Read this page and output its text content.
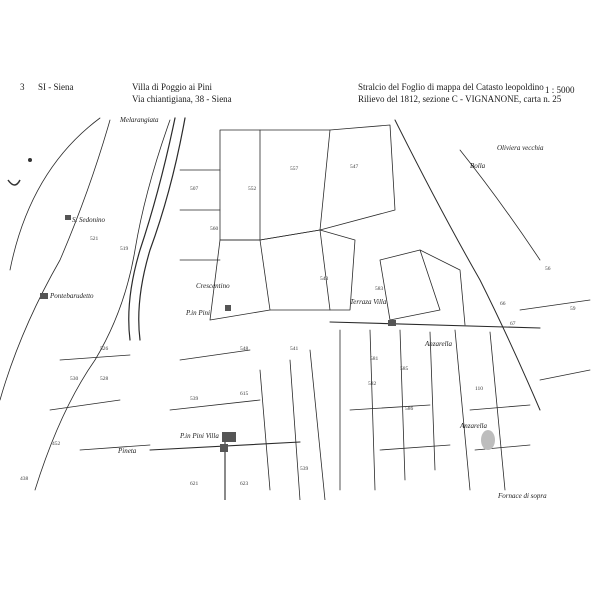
3 SI - Siena	Villa di Poggio ai Pini
Via chiantigiana, 38 - Siena
Stralcio del Foglio di mappa del Catasto leopoldino
Rilievo del 1812, sezione C - VIGNANONE, carta n. 25
1 : 5000
Melarangiata
Oliviera vecchia
S. Sedonino
Crescentino
Pontebarudetto
P.in Pini
Terraza Villa
Anzarella
Anzarella
P.in Pini Villa
Pineta
Fornace di sopra
Bolla
547
521
519
507
560
552
557
548	541
543
526
539
530	528
583
585
586
581
582
110
66
56
59
67
623
621
452
438
615
539
